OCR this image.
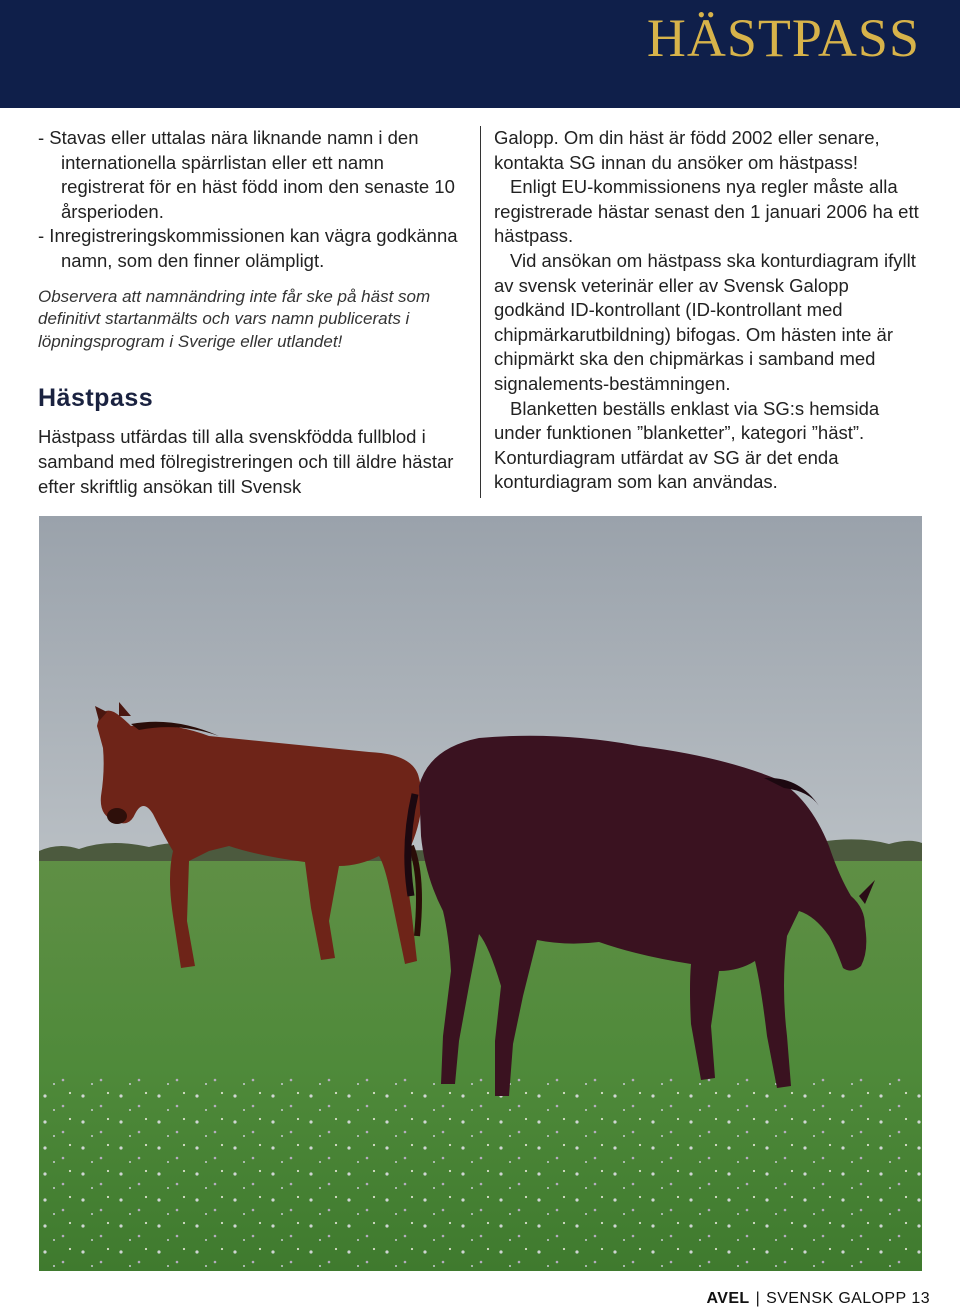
HÄSTPASS

- Stavas eller uttalas nära liknande namn i den internationella spärrlistan eller ett namn registrerat för en häst född inom den senaste 10 årsperioden.

- Inregistreringskommissionen kan vägra godkänna namn, som den finner olämpligt.

Observera att namnändring inte får ske på häst som definitivt startanmälts och vars namn publicerats i löpningsprogram i Sverige eller utlandet!

Hästpass

Hästpass utfärdas till alla svenskfödda fullblod i samband med fölregistreringen och till äldre hästar efter skriftlig ansökan till Svensk

Galopp. Om din häst är född 2002 eller senare, kontakta SG innan du ansöker om hästpass!

Enligt EU-kommissionens nya regler måste alla registrerade hästar senast den 1 januari 2006 ha ett hästpass.

Vid ansökan om hästpass ska konturdiagram ifyllt av svensk veterinär eller av Svensk Galopp godkänd ID-kontrollant (ID-kontrollant med chipmärkarutbildning) bifogas. Om hästen inte är chipmärkt ska den chipmärkas i samband med signalements-bestämningen.

Blanketten beställs enklast via SG:s hemsida under funktionen ”blanketter”, kategori ”häst”. Konturdiagram utfärdat av SG är det enda konturdiagram som kan användas.

AVEL | SVENSK GALOPP 13
